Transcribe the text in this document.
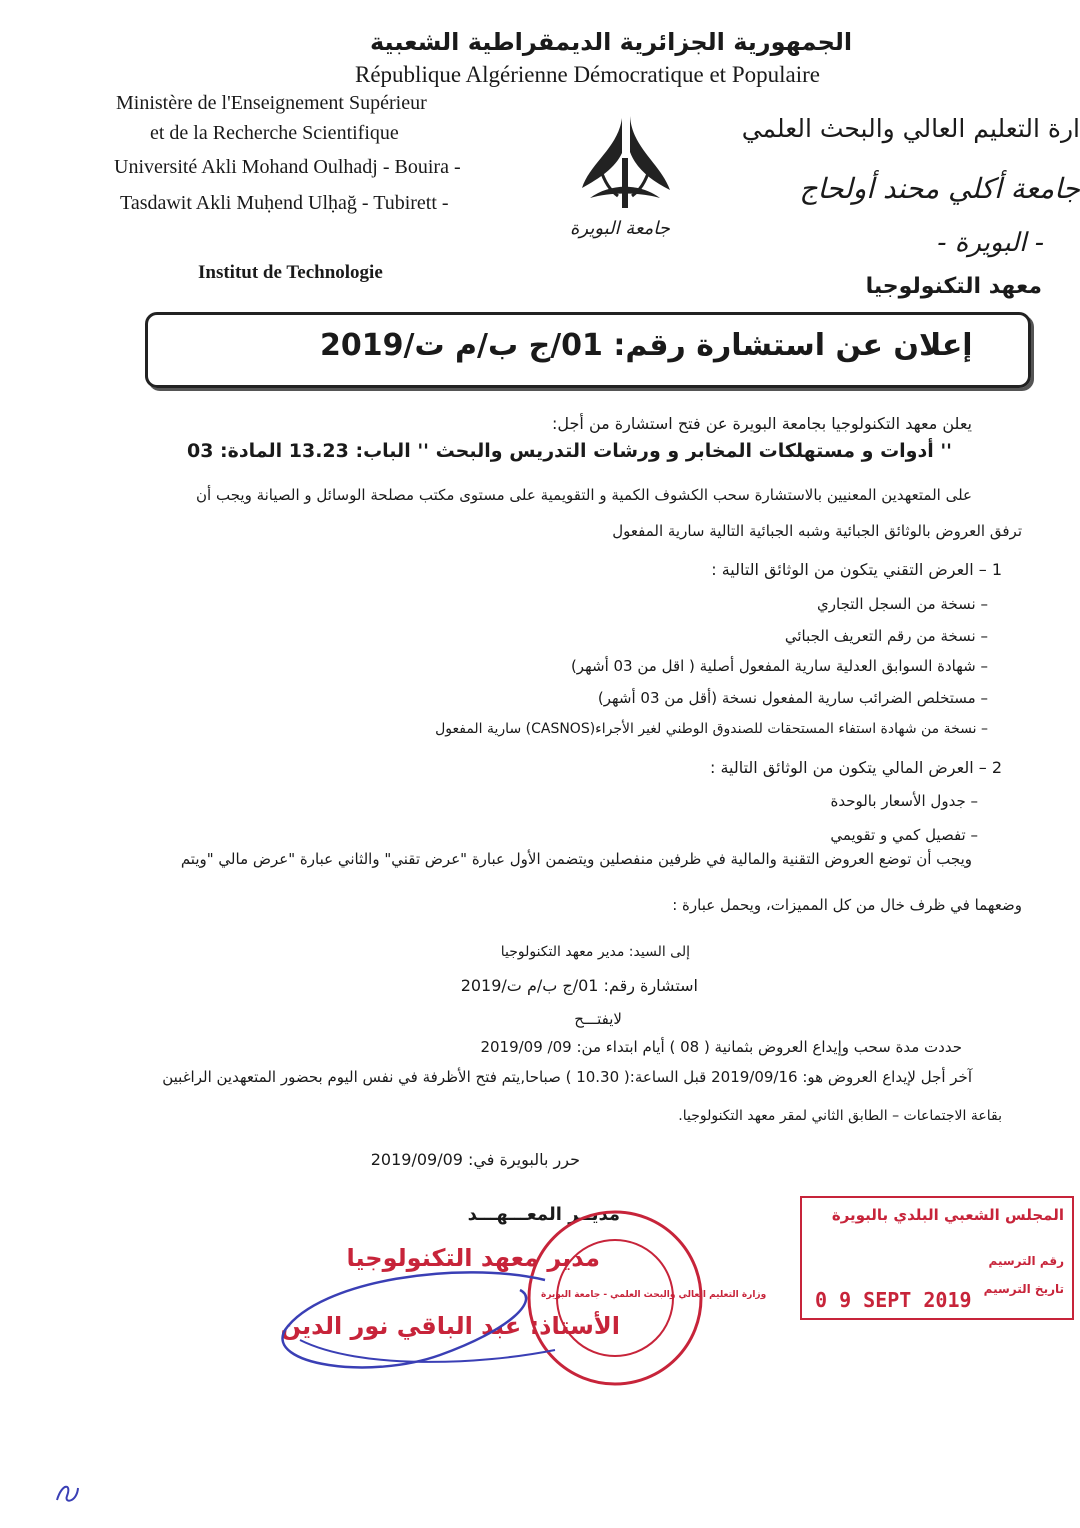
الجمهورية الجزائرية الديمقراطية الشعبية
République Algérienne Démocratique et Populaire
Ministère de l'Enseignement Supérieur
et de la Recherche Scientifique
Université Akli Mohand Oulhadj - Bouira -
Tasdawit Akli Muḥend Ulḥağ - Tubirett -
جامعة البويرة
ارة التعليم العالي والبحث العلمي
جامعة أكلي محند أولحاج
- البويرة -
Institut de Technologie
معهد التكنولوجيا
إعلان عن استشارة رقم: 01/ج ب/م ت/2019
يعلن معهد التكنولوجيا بجامعة البويرة عن فتح استشارة من أجل:
'' أدوات و مستهلكات المخابر و ورشات التدريس والبحث '' الباب: 13.23 المادة: 03
على المتعهدين المعنيين بالاستشارة سحب الكشوف الكمية و التقويمية على مستوى مكتب مصلحة الوسائل و الصيانة ويجب أن
ترفق العروض بالوثائق الجبائية وشبه الجبائية التالية سارية المفعول
1 – العرض التقني يتكون من الوثائق التالية :
– نسخة من السجل التجاري
– نسخة من رقم التعريف الجبائي
– شهادة السوابق العدلية سارية المفعول أصلية ( اقل من 03 أشهر)
– مستخلص الضرائب سارية المفعول نسخة (أقل من 03 أشهر)
– نسخة من شهادة استفاء المستحقات للصندوق الوطني لغير الأجراء(CASNOS) سارية المفعول
2 – العرض المالي يتكون من الوثائق التالية :
– جدول الأسعار بالوحدة
– تفصيل كمي و تقويمي
ويجب أن توضع العروض التقنية والمالية في ظرفين منفصلين ويتضمن الأول عبارة "عرض تقني" والثاني عبارة "عرض مالي "ويتم
وضعهما في ظرف خال من كل المميزات، ويحمل عبارة :
إلى السيد: مدير معهد التكنولوجيا
استشارة رقم: 01/ج ب/م ت/2019
لايفتـــح
حددت مدة سحب وإيداع العروض بثمانية ( 08 ) أيام ابتداء من: 09/ 2019/09
آخر أجل لإيداع العروض هو: 2019/09/16 قبل الساعة:( 10.30 ) صباحا,يتم فتح الأظرفة في نفس اليوم بحضور المتعهدين الراغبين
بقاعة الاجتماعات – الطابق الثاني لمقر معهد التكنولوجيا.
حرر بالبويرة في: 2019/09/09
مديــر المعـــهـــد
مدير معهد التكنولوجيا
الأستاذ: عبد الباقي نور الدين
وزارة التعليم العالي والبحث العلمي - جامعة البويرة
المجلس الشعبي البلدي بالبويرة
رقم الترسيم
تاريخ الترسيم
0 9 SEPT 2019
